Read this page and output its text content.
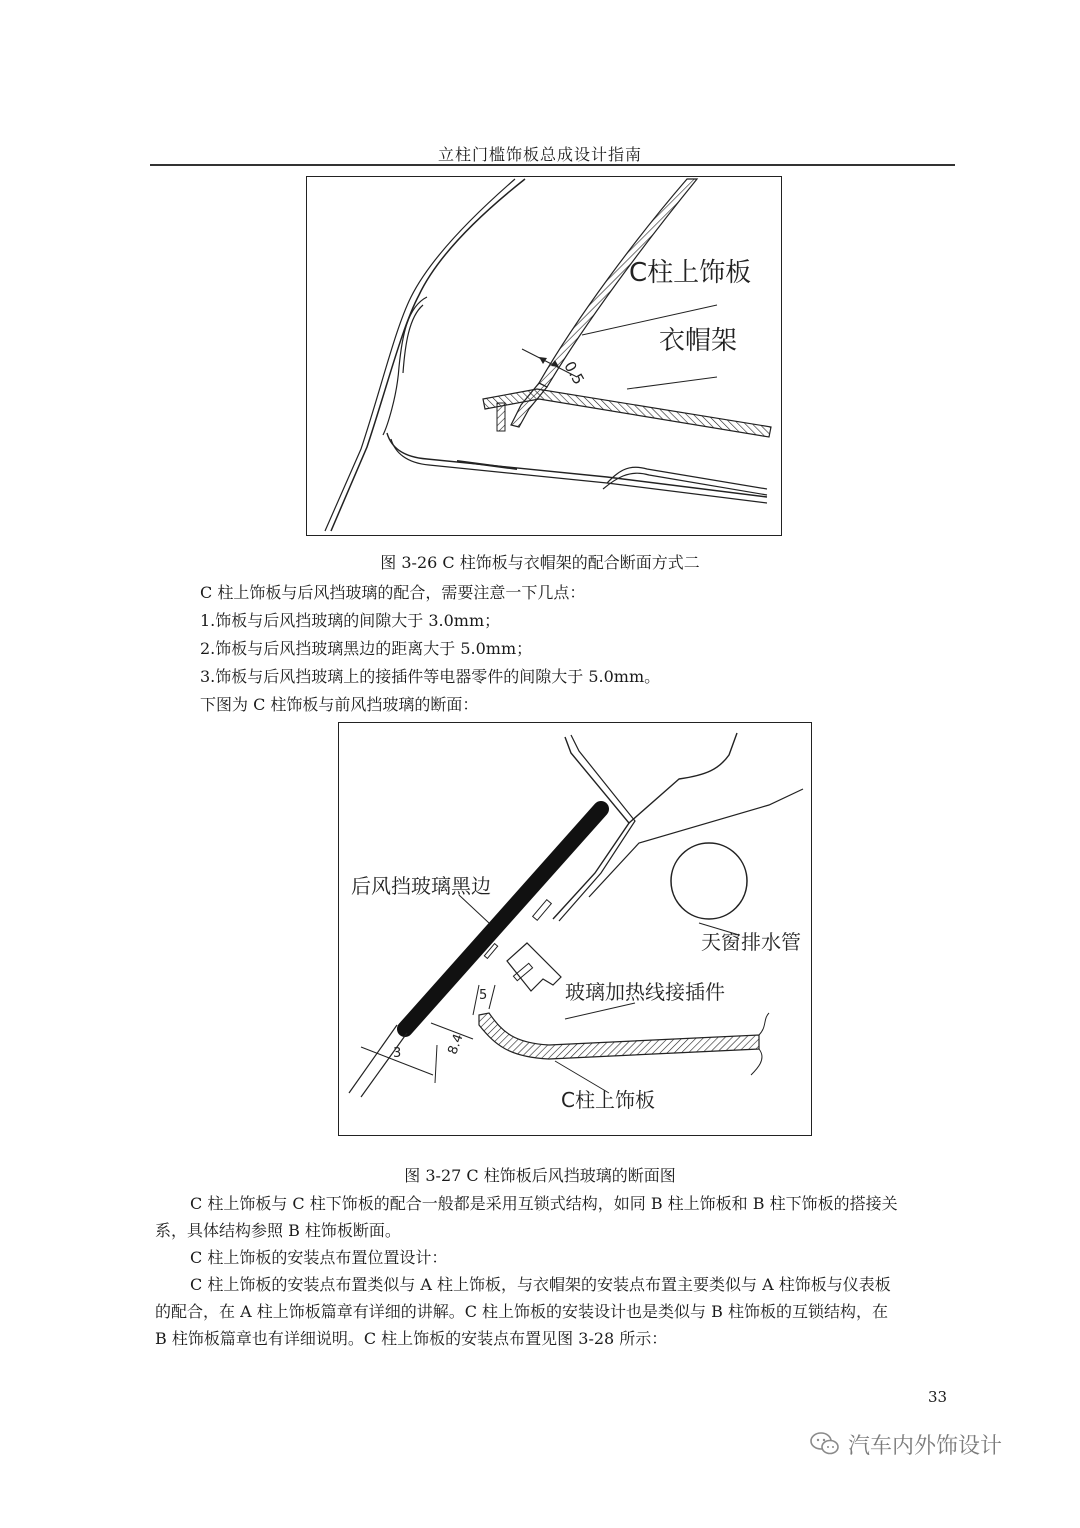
立柱门槛饰板总成设计指南
C柱上饰板
衣帽架
0.5
图 3-26 C 柱饰板与衣帽架的配合断面方式二

C 柱上饰板与后风挡玻璃的配合，需要注意一下几点：

1.饰板与后风挡玻璃的间隙大于 3.0mm；

2.饰板与后风挡玻璃黑边的距离大于 5.0mm；

3.饰板与后风挡玻璃上的接插件等电器零件的间隙大于 5.0mm。

下图为 C 柱饰板与前风挡玻璃的断面：

后风挡玻璃黑边
天窗排水管
玻璃加热线接插件
C柱上饰板
3	8.4
5
图 3-27 C 柱饰板后风挡玻璃的断面图

C 柱上饰板与 C 柱下饰板的配合一般都是采用互锁式结构，如同 B 柱上饰板和 B 柱下饰板的搭接关

系，具体结构参照 B 柱饰板断面。

C 柱上饰板的安装点布置位置设计：

C 柱上饰板的安装点布置类似与 A 柱上饰板，与衣帽架的安装点布置主要类似与 A 柱饰板与仪表板

的配合，在 A 柱上饰板篇章有详细的讲解。C 柱上饰板的安装设计也是类似与 B 柱饰板的互锁结构，在

B 柱饰板篇章也有详细说明。C 柱上饰板的安装点布置见图 3-28 所示：

33
汽车内外饰设计
